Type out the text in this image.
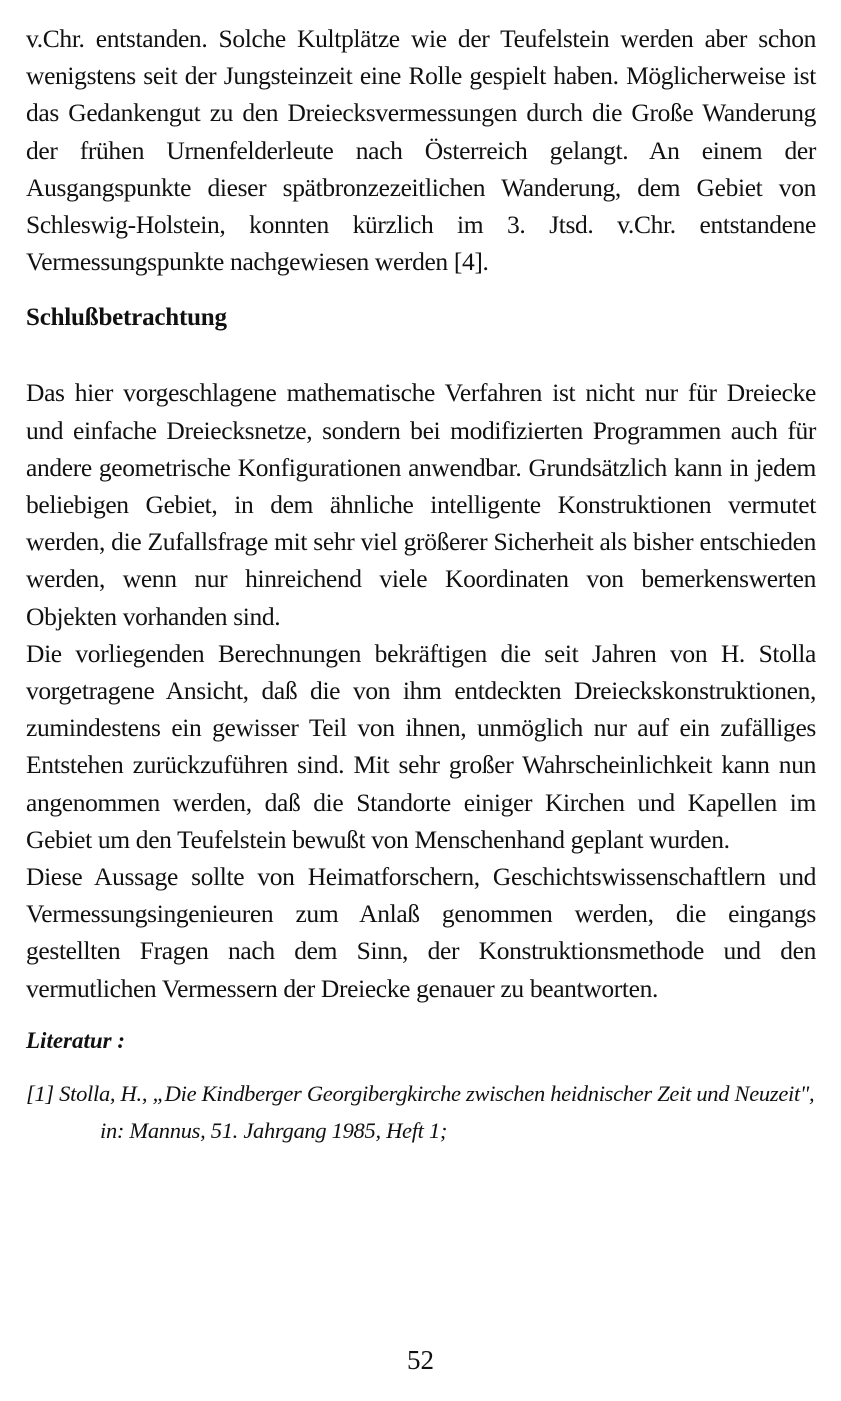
v.Chr. entstanden. Solche Kultplätze wie der Teufelstein werden aber schon wenigstens seit der Jungsteinzeit eine Rolle gespielt haben. Möglicherweise ist das Gedankengut zu den Dreiecksvermessungen durch die Große Wanderung der frühen Urnenfelderleute nach Österreich gelangt. An einem der Ausgangspunkte dieser spätbronzezeitlichen Wanderung, dem Gebiet von Schleswig-Holstein, konnten kürzlich im 3. Jtsd. v.Chr. entstandene Vermessungspunkte nachgewiesen werden [4].

Schlußbetrachtung

Das hier vorgeschlagene mathematische Verfahren ist nicht nur für Dreiecke und einfache Dreiecksnetze, sondern bei modifizierten Programmen auch für andere geometrische Konfigurationen anwendbar. Grundsätzlich kann in jedem beliebigen Gebiet, in dem ähnliche intelligente Konstruktionen vermutet werden, die Zufallsfrage mit sehr viel größerer Sicherheit als bisher entschieden werden, wenn nur hinreichend viele Koordinaten von bemerkenswerten Objekten vorhanden sind.

Die vorliegenden Berechnungen bekräftigen die seit Jahren von H. Stolla vorgetragene Ansicht, daß die von ihm entdeckten Dreieckskonstruktionen, zumindestens ein gewisser Teil von ihnen, unmöglich nur auf ein zufälliges Entstehen zurückzuführen sind. Mit sehr großer Wahrscheinlichkeit kann nun angenommen werden, daß die Standorte einiger Kirchen und Kapellen im Gebiet um den Teufelstein bewußt von Menschenhand geplant wurden.

Diese Aussage sollte von Heimatforschern, Geschichtswissenschaftlern und Vermessungsingenieuren zum Anlaß genommen werden, die eingangs gestellten Fragen nach dem Sinn, der Konstruktionsmethode und den vermutlichen Vermessern der Dreiecke genauer zu beantworten.

Literatur :

[1] Stolla, H., „Die Kindberger Georgibergkirche zwischen heidnischer Zeit und Neuzeit", in: Mannus, 51. Jahrgang 1985, Heft 1;

52
